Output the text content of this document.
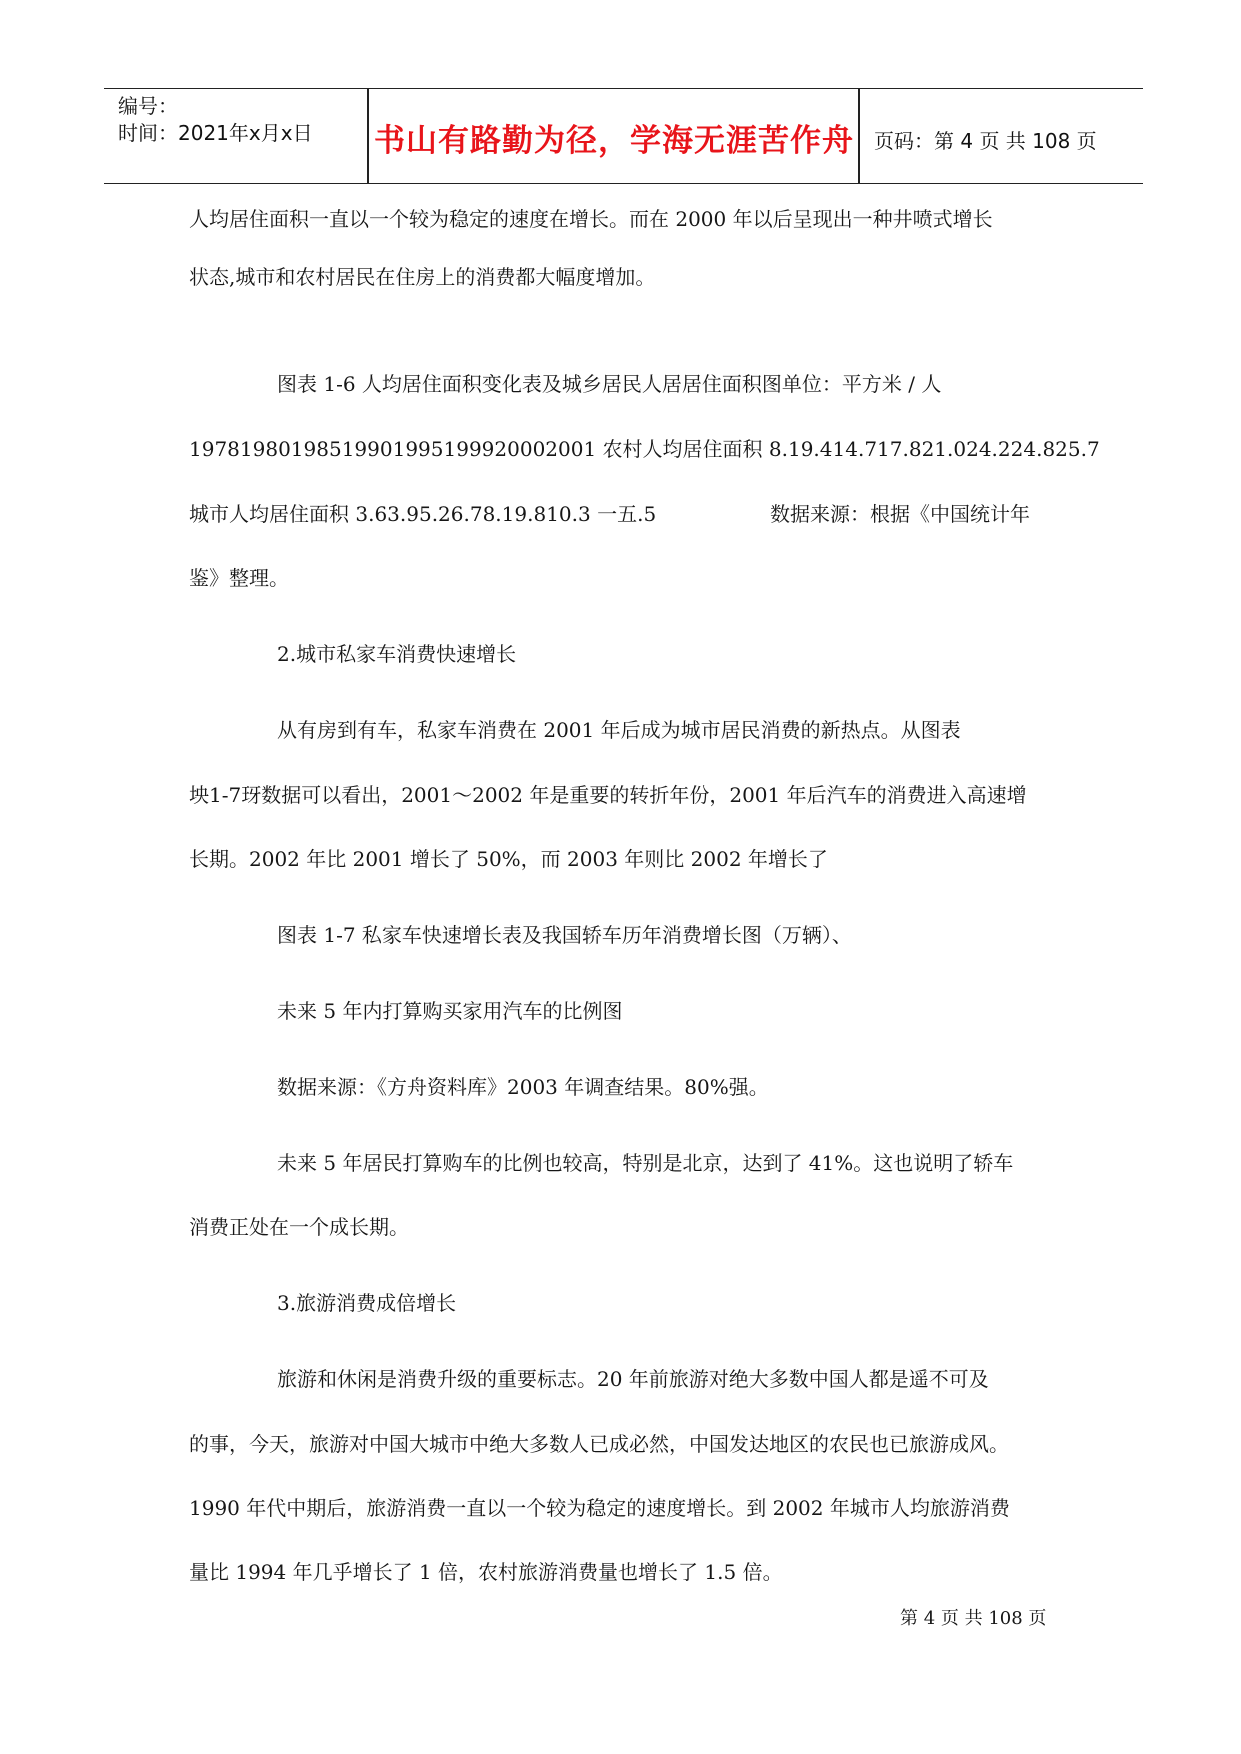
编号：
时间：2021年x月x日 书山有路勤为径，学海无涯苦作舟 页码：第 4 页 共 108 页
人均居住面积一直以一个较为稳定的速度在增长。而在 2000 年以后呈现出一种井喷式增长
状态,城市和农村居民在住房上的消费都大幅度增加。
图表 1-6 人均居住面积变化表及城乡居民人居居住面积图单位：平方米 / 人
1978198019851990199519992000200​1 农村人均居住面积 8.19.414.717.821.024.224.825.7
城市人均居住面积 3.63.95.26.78.19.810.3 一五.5	数据来源：根据《中国统计年
鉴》整理。
2.城市私家车消费快速增长
从有房到有车，私家车消费在 2001 年后成为城市居民消费的新热点。从图表
坱1-7玡数据可以看出，2001～2002 年是重要的转折年份，2001 年后汽车的消费进入高速增
长期。2002 年比 2001 增长了 50%，而 2003 年则比 2002 年增长了
图表 1-7 私家车快速增长表及我国轿车历年消费增长图（万辆）、
未来 5 年内打算购买家用汽车的比例图
数据来源：《方舟资料库》2003 年调查结果。80%强。
未来 5 年居民打算购车的比例也较高，特别是北京，达到了 41%。这也说明了轿车
消费正处在一个成长期。
3.旅游消费成倍增长
旅游和休闲是消费升级的重要标志。20 年前旅游对绝大多数中国人都是遥不可及
的事，今天，旅游对中国大城市中绝大多数人已成必然，中国发达地区的农民也已旅游成风。
1990 年代中期后，旅游消费一直以一个较为稳定的速度增长。到 2002 年城市人均旅游消费
量比 1994 年几乎增长了 1 倍，农村旅游消费量也增长了 1.5 倍。
第 4 页 共 108 页
